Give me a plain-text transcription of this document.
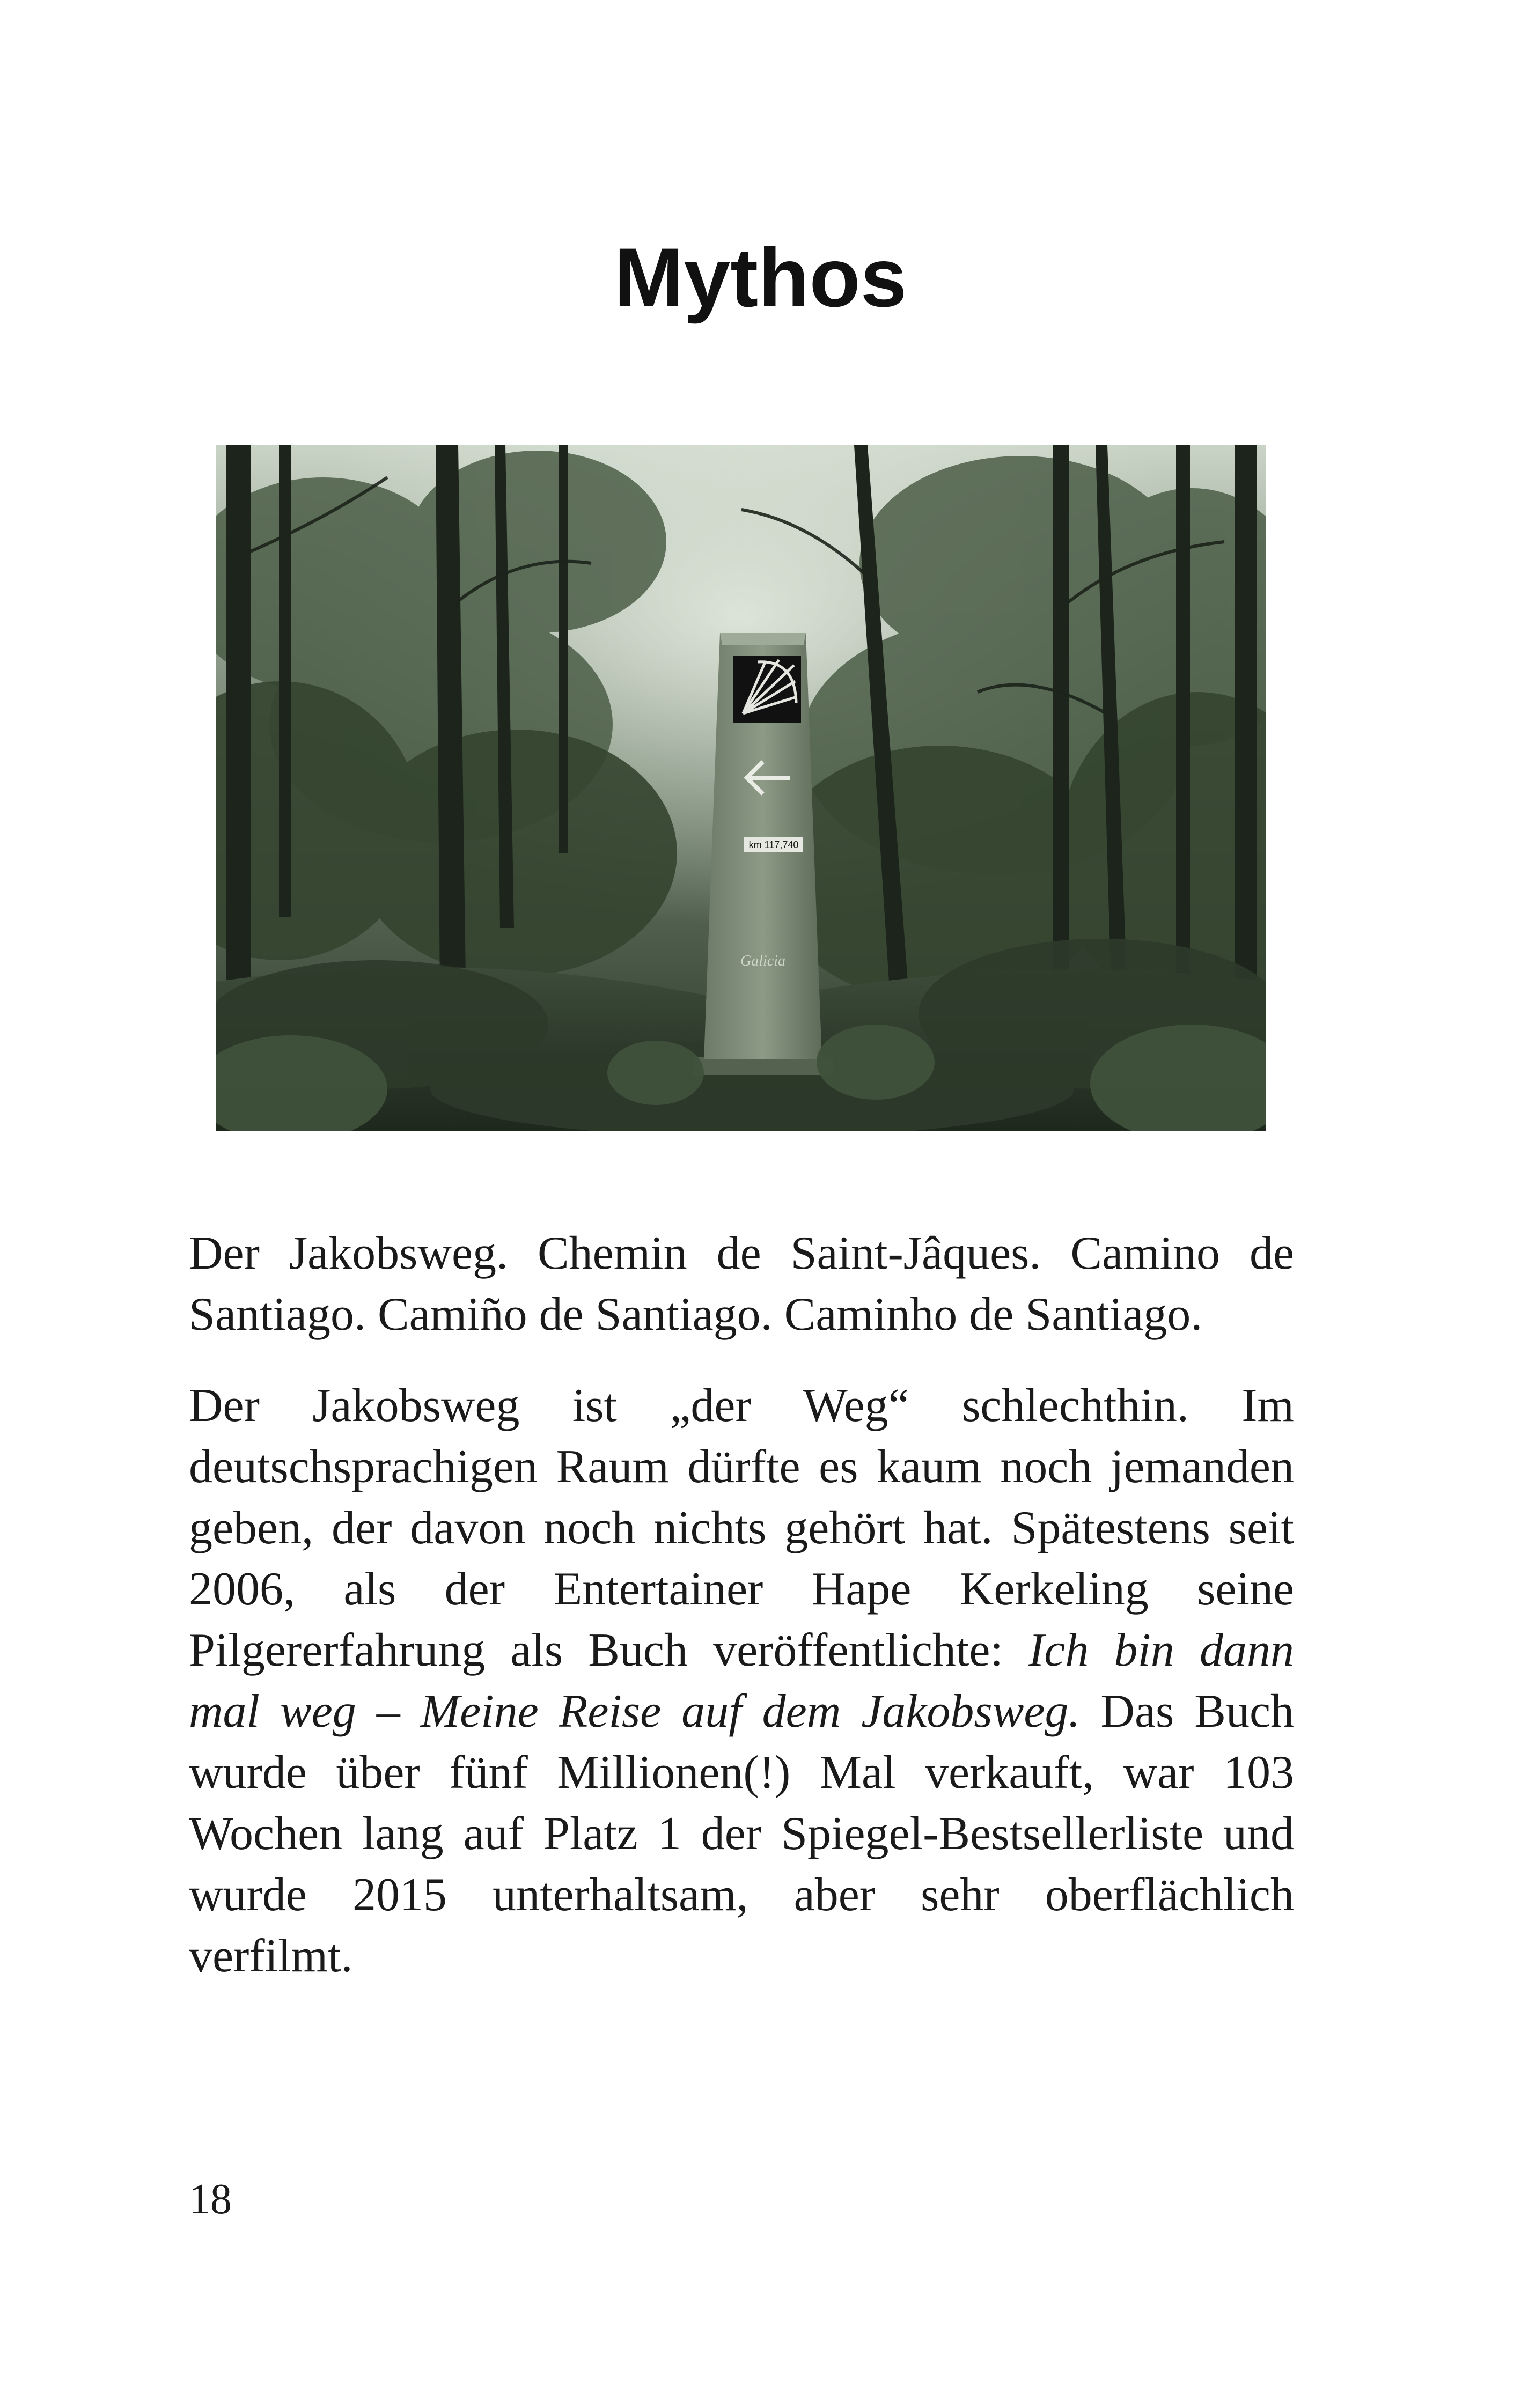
Mythos
km 117,740
Galicia

Der Jakobsweg. Chemin de Saint-Jâques. Camino de Santiago. Camiño de Santiago. Caminho de Santiago.

Der Jakobsweg ist „der Weg“ schlechthin. Im deutschsprachigen Raum dürfte es kaum noch jemanden geben, der davon noch nichts gehört hat. Spätestens seit 2006, als der Entertainer Hape Kerkeling seine Pilgererfahrung als Buch veröffentlichte: Ich bin dann mal weg – Meine Reise auf dem Jakobsweg. Das Buch wurde über fünf Millionen(!) Mal verkauft, war 103 Wochen lang auf Platz 1 der Spiegel-Bestsellerliste und wurde 2015 unterhaltsam, aber sehr oberflächlich verfilmt.

18
